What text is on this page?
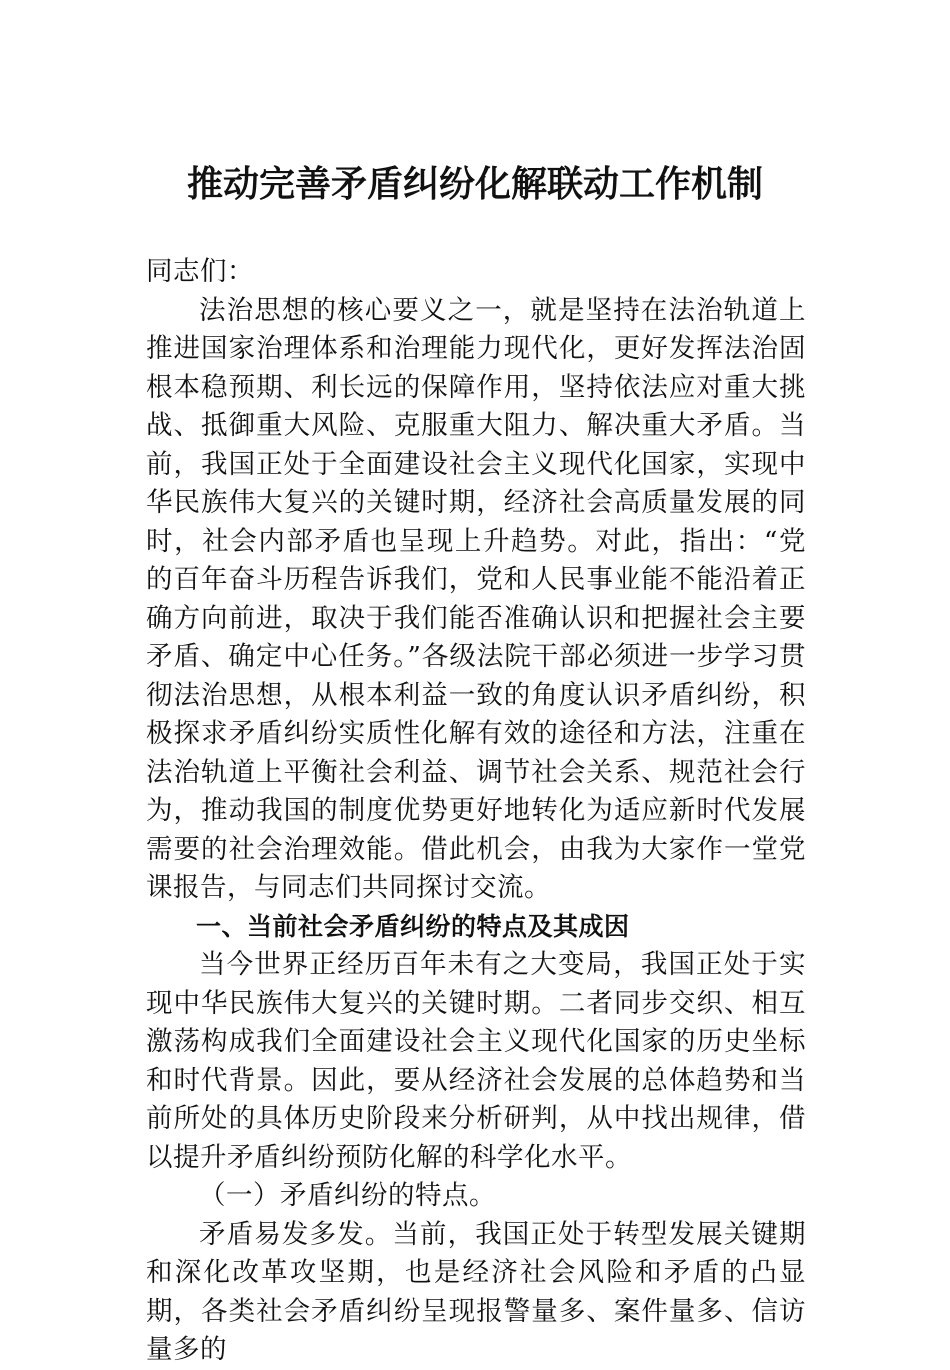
推动完善矛盾纠纷化解联动工作机制

同志们：

法治思想的核心要义之一，就是坚持在法治轨道上推进国家治理体系和治理能力现代化，更好发挥法治固根本稳预期、利长远的保障作用，坚持依法应对重大挑战、抵御重大风险、克服重大阻力、解决重大矛盾。当前，我国正处于全面建设社会主义现代化国家，实现中华民族伟大复兴的关键时期，经济社会高质量发展的同时，社会内部矛盾也呈现上升趋势。对此，指出：“党的百年奋斗历程告诉我们，党和人民事业能不能沿着正确方向前进，取决于我们能否准确认识和把握社会主要矛盾、确定中心任务。”各级法院干部必须进一步学习贯彻法治思想，从根本利益一致的角度认识矛盾纠纷，积极探求矛盾纠纷实质性化解有效的途径和方法，注重在法治轨道上平衡社会利益、调节社会关系、规范社会行为，推动我国的制度优势更好地转化为适应新时代发展需要的社会治理效能。借此机会，由我为大家作一堂党课报告，与同志们共同探讨交流。

一、当前社会矛盾纠纷的特点及其成因

当今世界正经历百年未有之大变局，我国正处于实现中华民族伟大复兴的关键时期。二者同步交织、相互激荡构成我们全面建设社会主义现代化国家的历史坐标和时代背景。因此，要从经济社会发展的总体趋势和当前所处的具体历史阶段来分析研判，从中找出规律，借以提升矛盾纠纷预防化解的科学化水平。

（一）矛盾纠纷的特点。

矛盾易发多发。当前，我国正处于转型发展关键期和深化改革攻坚期，也是经济社会风险和矛盾的凸显期，各类社会矛盾纠纷呈现报警量多、案件量多、信访量多的
